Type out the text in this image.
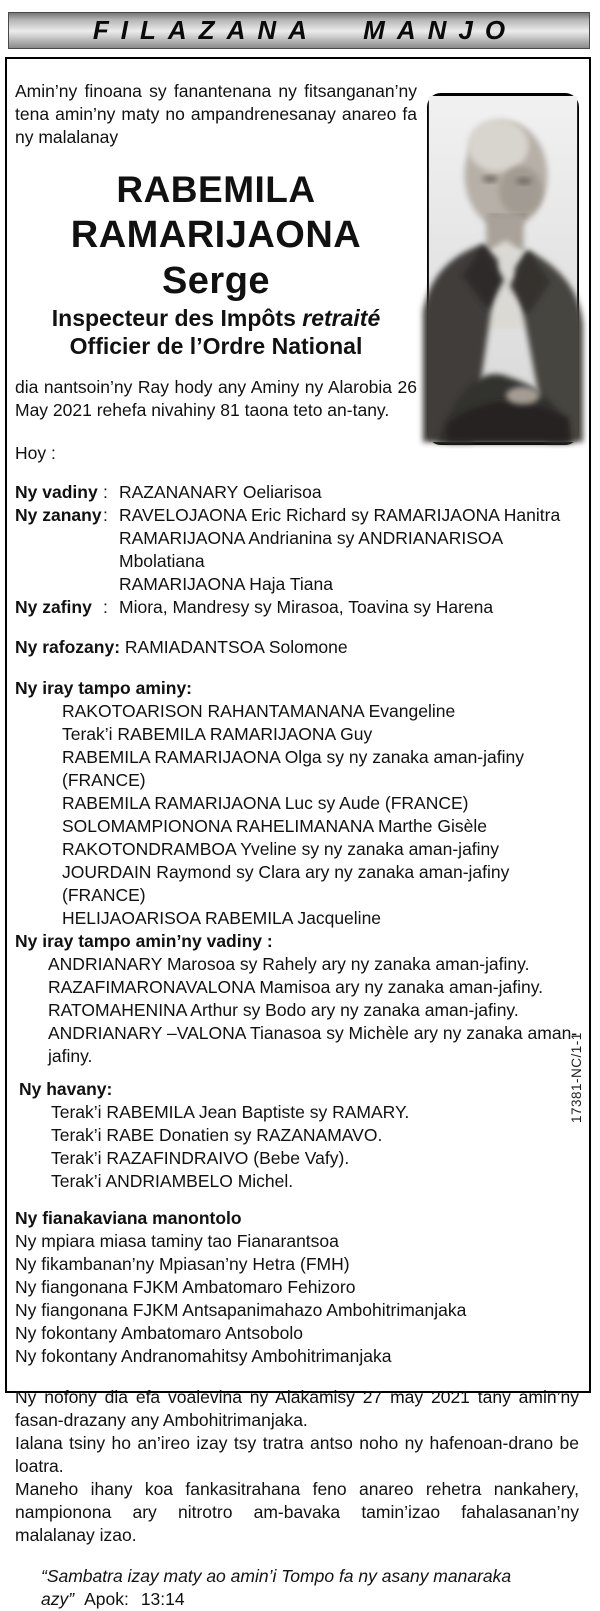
FILAZANA MANJO

Amin’ny finoana sy fanantenana ny fitsanganan’ny tena amin’ny maty no ampandrenesanay anareo fa ny malalanay

RABEMILA
RAMARIJAONA Serge
Inspecteur des Impôts retraité
Officier de l’Ordre National

dia nantsoin’ny Ray hody any Aminy ny Alarobia 26 May 2021 rehefa nivahiny 81 taona teto an-tany.

Hoy :

Ny vadiny : RAZANANARY Oeliarisoa
Ny zanany : RAVELOJAONA Eric Richard sy RAMARIJAONA Hanitra
RAMARIJAONA Andrianina sy ANDRIANARISOA Mbolatiana
RAMARIJAONA Haja Tiana
Ny zafiny : Miora, Mandresy sy Mirasoa, Toavina sy Harena

Ny rafozany: RAMIADANTSOA Solomone

Ny iray tampo aminy:
RAKOTOARISON RAHANTAMANANA Evangeline
Terak’i RABEMILA RAMARIJAONA Guy
RABEMILA RAMARIJAONA Olga sy ny zanaka aman-jafiny (FRANCE)
RABEMILA RAMARIJAONA Luc sy Aude (FRANCE)
SOLOMAMPIONONA RAHELIMANANA Marthe Gisèle
RAKOTONDRAMBOA Yveline sy ny zanaka aman-jafiny
JOURDAIN Raymond sy Clara ary ny zanaka aman-jafiny (FRANCE)
HELIJAOARISOA RABEMILA Jacqueline
Ny iray tampo amin’ny vadiny :
ANDRIANARY Marosoa sy Rahely ary ny zanaka aman-jafiny.
RAZAFIMARONAVALONA Mamisoa ary ny zanaka aman-jafiny.
RATOMAHENINA Arthur sy Bodo ary ny zanaka aman-jafiny.
ANDRIANARY –VALONA Tianasoa sy Michèle ary ny zanaka aman-jafiny.
Ny havany:
Terak’i RABEMILA Jean Baptiste sy RAMARY.
Terak’i RABE Donatien sy RAZANAMAVO.
Terak’i RAZAFINDRAIVO (Bebe Vafy).
Terak’i ANDRIAMBELO Michel.
Ny fianakaviana manontolo
Ny mpiara miasa taminy tao Fianarantsoa
Ny fikambanan’ny Mpiasan’ny Hetra (FMH)
Ny fiangonana FJKM Ambatomaro Fehizoro
Ny fiangonana FJKM Antsapanimahazo Ambohitrimanjaka
Ny fokontany Ambatomaro Antsobolo
Ny fokontany Andranomahitsy Ambohitrimanjaka

Ny nofony dia efa voalevina ny Alakamisy 27 may 2021 tany amin’ny fasan-drazany any Ambohitrimanjaka.

Ialana tsiny ho an’ireo izay tsy tratra antso noho ny hafenoan-drano be loatra.

Maneho ihany koa fankasitrahana feno anareo rehetra nankahery, nampionona ary nitrotro am-bavaka tamin’izao fahalasanan’ny malalanay izao.

“Sambatra izay maty ao amin’i Tompo fa ny asany manaraka azy” Apok: 13:14

17381-NC/1-1
